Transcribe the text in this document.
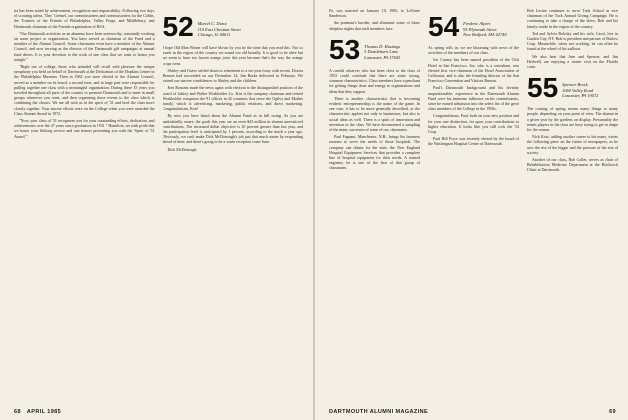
tra has been noted by achievement, recognition and responsibility. Following two days of scouting talent, 'Tiny' Gremel, our commissioners and commissioners for the Cobbs, the Trustees of the Friends of Philadelphia, Valley Forge, and Middlebury, and Dartmouth chairman of the Friends organization of BSA.

"Our Dartmouth activities as an alumnus have been noteworthy, constantly working on some project or organization. You have served as chairman of the Fund and a member of the Alumni Council. Some classmates even have a member of the Alumni Council, and now serving as the director of the Dartmouth gift campaigns at annual fund drives. It is your devotion to the work of one class that we want to honor you tonight."

"Right out of college, those who attended will recall with pleasure the unique symphony you held on behalf of Dartmouth at the Dedication of the Hopkins Center in the Philadelphia Museum. Then in 1962 you were elected to the Alumni Council, served as a member on its board, a second time, and in large part were responsible for pulling together one class with a meaningful organization. During these 15 years you traveled throughout all parts of the country to promote Dartmouth and to meet in small groups whenever you went, and then organizing these events to the class which is combining the classes. We are all with us in the spirit of '31 and bred the class more closely together. Your sincere efforts were on the College when you were awarded the Class Alumni Award in 1972.

"Now, your class of '31 recognizes you for your outstanding efforts, dedication, and achievements over the 47 years since graduation in 1931." Hamilton, we with pride that we honor your lifelong service and one honors presenting you with the 'Spirit of '31 Award.'"

52 Marcel C. Durot
110 East Chestnut Street
Chicago, IL 60611

I hope Old Man Winter will have blown by you by the time that you read this. Not so much in the region of the country we sound too old brutally. It is good to be alive but we seem to have too frozen orange juice this year because that's the way the orange crops went.

Shirley and I have settled down to retirement to a six-year foray with recent. Dorota Benson had succeeded on our December 14, Jim Burke delivered in February. We extend our sincere condolences to Shirley and the children.

Ken Romans made the news again with election to the distinguished position of the board of Jaffrey and Walter Workholder Co. Ken is the company chairman and retired Workholder comprises the 91 offices in 42 countries that serve the Ogilvy and Mather family, which is advertising, marketing, public relations, and direct marketing. Congratulations, Ken!

By now you have heard about the Alumni Fund as in full swing. As you are undoubtedly aware, the goals this year are an even $43 million in alumni unrestricted contributions. The increased dollar objective is 10 percent greater than last year, and the participation level is anticipated by 1 percent, according to the much a year ago. Obviously, we can't make Dick McDonough's job just that much easier by responding ahead of time; and there's going to be a warm reception come June.

Dick McDonough

68 APRIL 1985

Fe, was married on January 10, 1985, to LaVerne Sanderson.

the postman's burden, and eliminate some of those sleepless nights that staff members face.

53 Thomas D. Hastings
3 Dunsleburn Lane
Lancaster, PA 17603

A careful observer who has been close to the class of 1953 could conclude that there are some strong, common characteristics. Class members have a penchant for getting things done and energy to organizations and ideas that they support.

There is another characteristic that is becoming evident: entrepreneurship is the name of the game. In one case, it has to be more generally described, as the characteristic applies not only to businesses, but also to social ideas as well. There is a spirit of innovation and invention in the class. We have documented a sampling of the many successes of some of our classmates.

Paul Fagnant, Manchester, N.H., brings his business acumen to serve the needs of those hospitals. The company can obtain for the state, the New England Hospital Equipment Services that provides a complete line of hospital equipment for their needs. A trained engineer, he is one of the first of that group of classmates.

54 Frederic Alpert
95 Plymouth Street
New Bedford, MA 02740

As spring rolls in, we are blooming with news of the activities of the members of our class.

Joe Carney has been named president of the Clift Hotel in San Francisco. Joe, who is a consultant, was elected first vice-chairman of the Hotel Association of California, and is also the founding director of the San Francisco Convention and Visitors Bureau.

Paul's Dartmouth background and his divinity unquestionable, experience in the Dartmouth Alumni Fund were his immense influence on his commitments, since he earned admission into the select list of the great class members of the College in the 1950s.

Congratulations, Paul, both on your new position and for your rare distinction, for upon your contributions to higher education. It looks like you still rock the '54 Crop.

Paul Hill Pryor was recently elected by the board of the Washington Hospital Center of Dartmouth.

Bob Levine continues to serve Tuck School as vice chairman of the Tuck Annual Giving Campaign. He is continuing to take a charge of the drive, Bob and his family reside in the region of the country.

Ted and Sylvia Bolesky and his wife, Carol, live in Garden City, NY. Bob is president and partner of Barlow Corp. Meanwhile, when not working, he can often be found at the wheel of his sailboat.

We also hear that Ann and Spencer, and Jim Heilwell, are enjoying a winter visit on the Florida coast.

55 Spencer Brock
1060 Valley Road
Lancaster, PA 19072

The coming of spring means many things to many people, depending on your point of view. The alumni in a given year by the gardens on display. Presumably the tennis players in the class are busy trying to get in shape for the season.

Nick Kotz, adding another career to his many, writes the following piece on the future of newspapers, as he sees the rise of the bigger and the pressure of the rest of society.

Another of our class, Bob Collet, serves as chair of Rehabilitation Medicine Department at the Hitchcock Clinic at Dartmouth.

DARTMOUTH ALUMNI MAGAZINE	69
